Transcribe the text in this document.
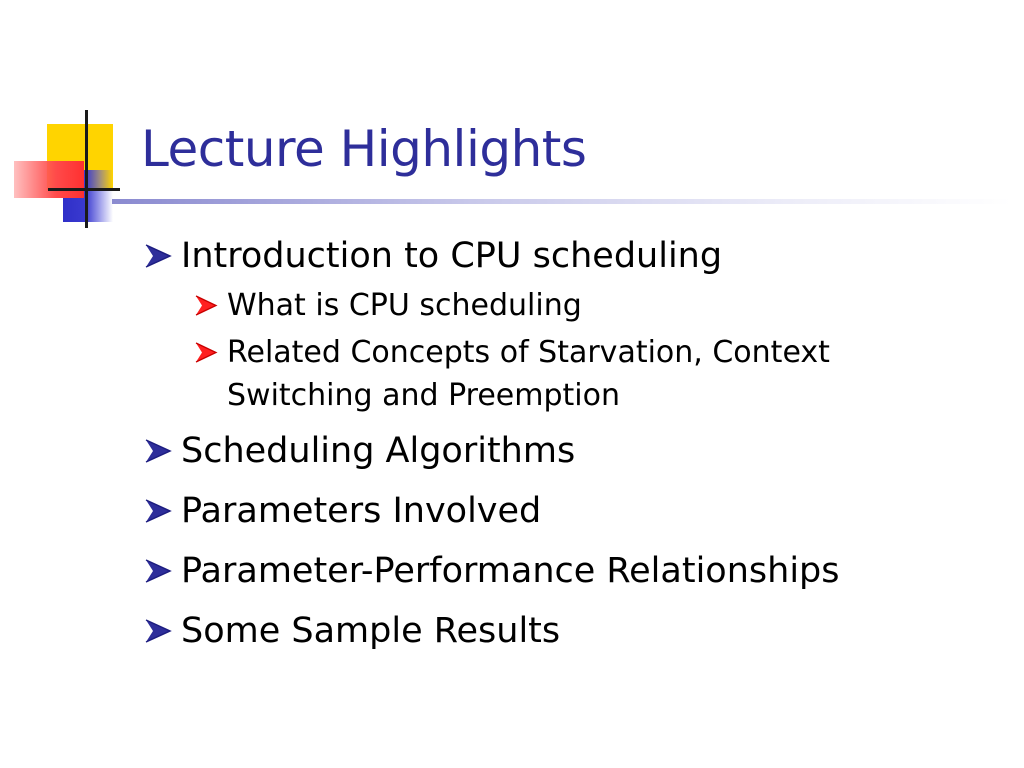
Lecture Highlights
Introduction to CPU scheduling
What is CPU scheduling
Related Concepts of Starvation, Context Switching and Preemption
Scheduling Algorithms
Parameters Involved
Parameter-Performance Relationships
Some Sample Results
